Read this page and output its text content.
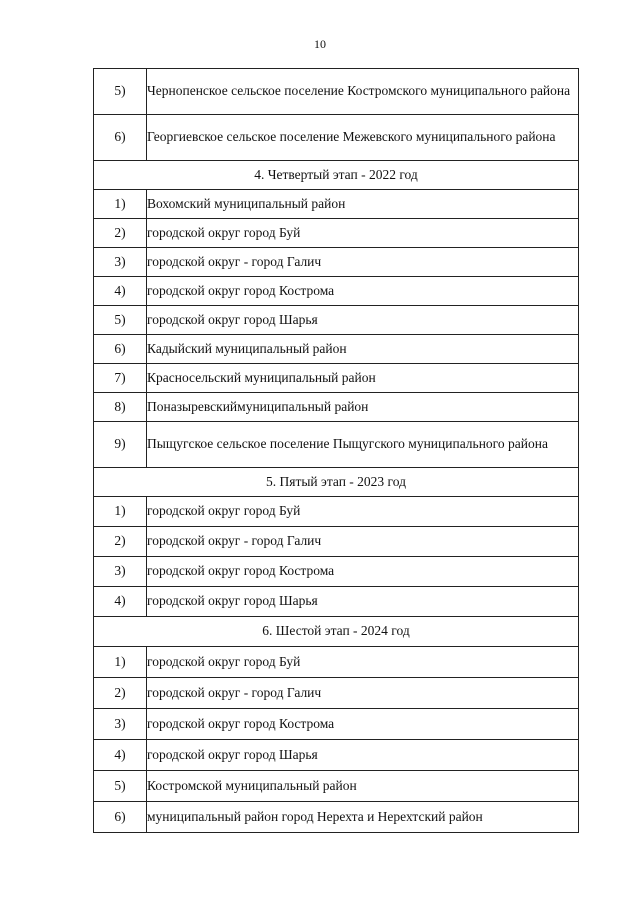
10
5)	Чернопенское сельское поселение Костромского муниципального района
6)	Георгиевское сельское поселение Межевского муниципального района
4. Четвертый этап - 2022 год	
1)	Вохомский муниципальный район
2)	городской округ город Буй
3)	городской округ - город Галич
4)	городской округ город Кострома
5)	городской округ город Шарья
6)	Кадыйский муниципальный район
7)	Красносельский муниципальный район
8)	Поназыревскиймуниципальный район
9)	Пыщугское сельское поселение Пыщугского муниципального района
5. Пятый этап - 2023 год	
1)	городской округ город Буй
2)	городской округ - город Галич
3)	городской округ город Кострома
4)	городской округ город Шарья
6. Шестой этап - 2024 год	
1)	городской округ город Буй
2)	городской округ - город Галич
3)	городской округ город Кострома
4)	городской округ город Шарья
5)	Костромской муниципальный район
6)	муниципальный район город Нерехта и Нерехтский район
